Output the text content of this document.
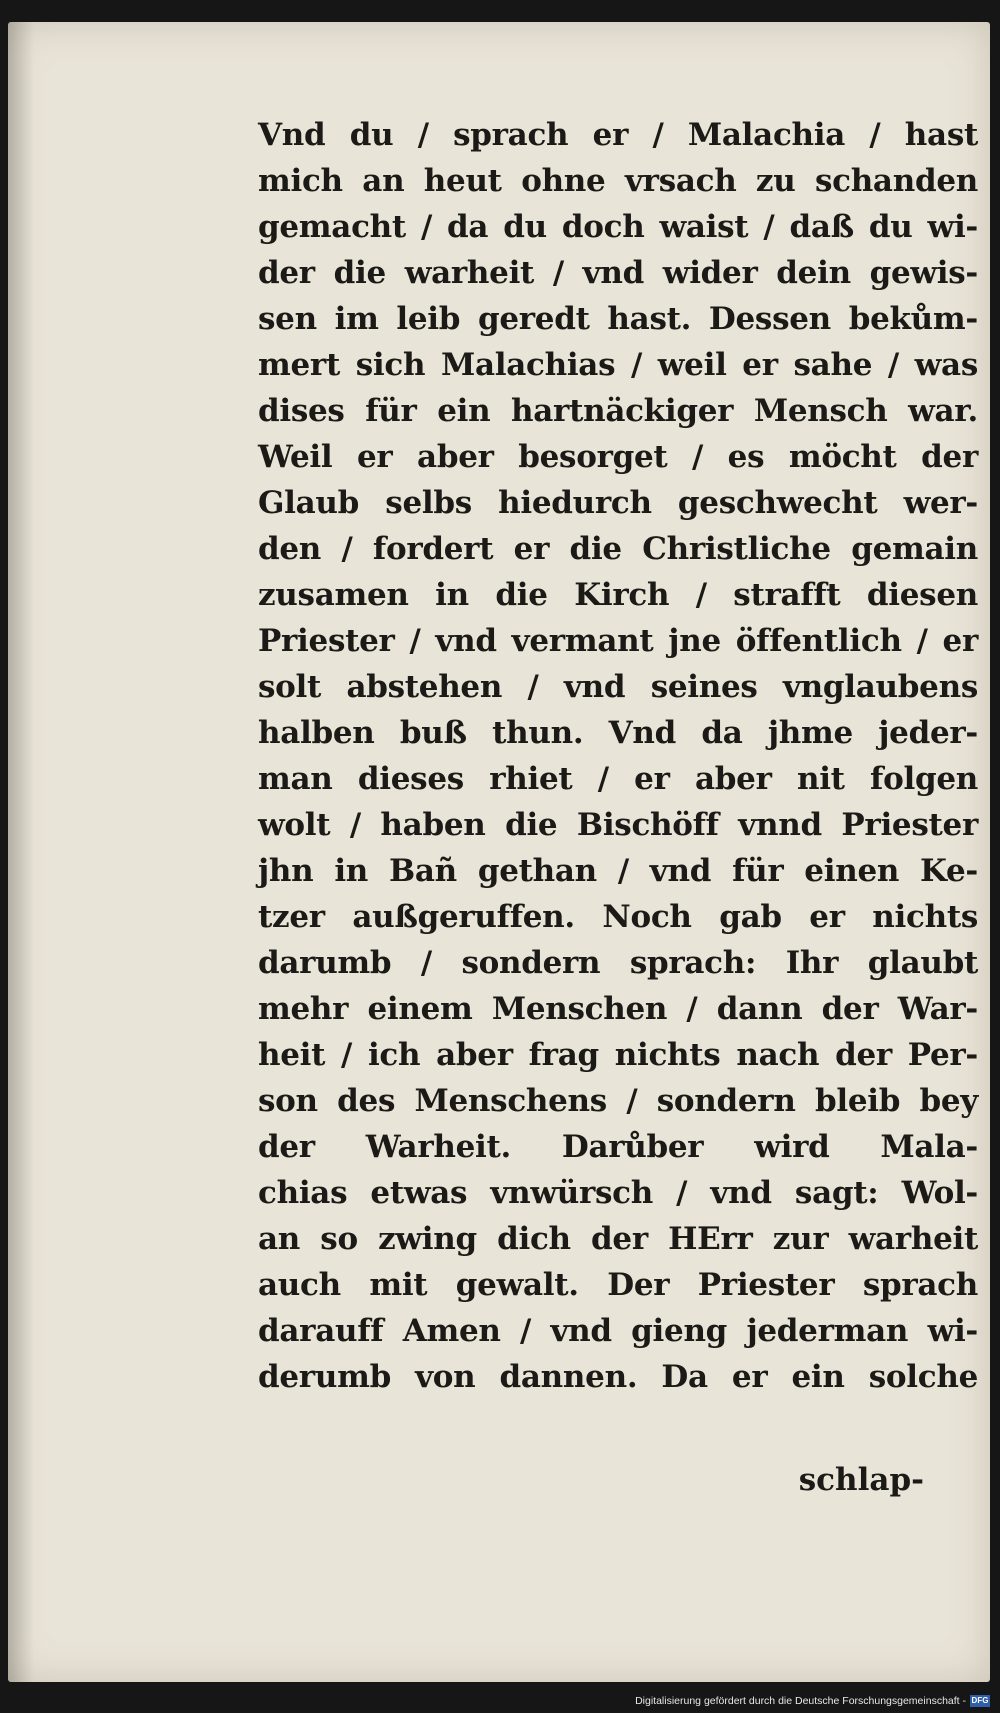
Vnd du / sprach er / Malachia / hast
mich an heut ohne vrsach zu schanden
gemacht / da du doch waist / daß du wi-
der die warheit / vnd wider dein gewis-
sen im leib geredt hast. Dessen bekům-
mert sich Malachias / weil er sahe / was
dises für ein hartnäckiger Mensch war.
Weil er aber besorget / es möcht der
Glaub selbs hiedurch geschwecht wer-
den / fordert er die Christliche gemain
zusamen in die Kirch / strafft diesen
Priester / vnd vermant jne öffentlich / er
solt abstehen / vnd seines vnglaubens
halben buß thun. Vnd da jhme jeder-
man dieses rhiet / er aber nit folgen
wolt / haben die Bischöff vnnd Priester
jhn in Bañ gethan / vnd für einen Ke-
tzer außgeruffen. Noch gab er nichts
darumb / sondern sprach: Ihr glaubt
mehr einem Menschen / dann der War-
heit / ich aber frag nichts nach der Per-
son des Menschens / sondern bleib bey
der Warheit. Darůber wird Mala-
chias etwas vnwürsch / vnd sagt: Wol-
an so zwing dich der HErr zur warheit
auch mit gewalt. Der Priester sprach
darauff Amen / vnd gieng jederman wi-
derumb von dannen. Da er ein solche
schlap-
Digitalisierung gefördert durch die Deutsche Forschungsgemeinschaft - DFG
